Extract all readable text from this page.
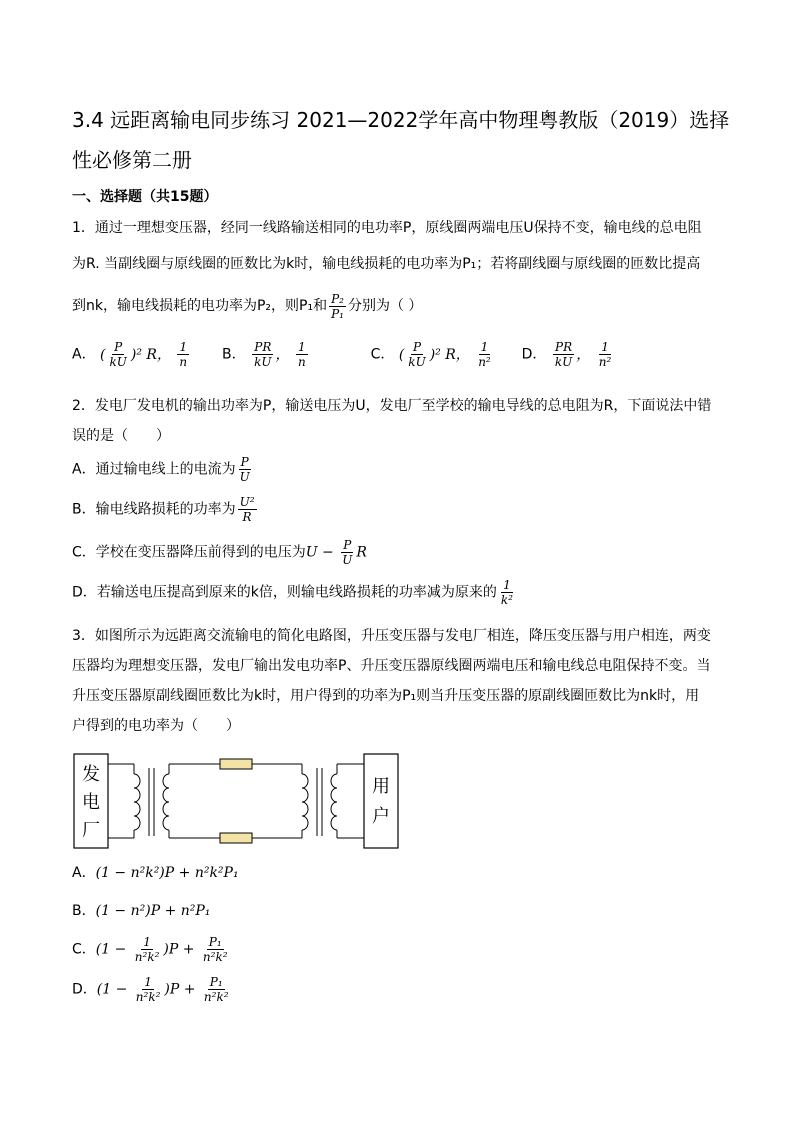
3.4 远距离输电同步练习 2021—2022学年高中物理粤教版（2019）选择性必修第二册
一、选择题（共15题）
1．通过一理想变压器，经同一线路输送相同的电功率P，原线圈两端电压U保持不变，输电线的总电阻
为R. 当副线圈与原线圈的匝数比为k时，输电线损耗的电功率为P₁；若将副线圈与原线圈的匝数比提高
到nk，输电线损耗的电功率为P₂，则P₁和 $\frac{\text{P₂}}{\text{P₁}}$ 分别为（ ）
A． ( $\frac{P}{kU} )^2$ R， $\frac{1}{n}$ B． $\frac{PR}{kU}$ ， $\frac{1}{n}$	C． ( $\frac{P}{kU} )^2$ R， $\frac{1}{\text{n²}}$ D． $\frac{PR}{kU}$ ， $\frac{1}{\text{n²}}$
2．发电厂发电机的输出功率为P，输送电压为U，发电厂至学校的输电导线的总电阻为R，下面说法中错
误的是（　　）
A．通过输电线上的电流为 $\frac{P}{U}$
B．输电线路损耗的功率为 $\frac{\text{U²}}{R}$
C．学校在变压器降压前得到的电压为$U - \frac{P}{U}$ R
D．若输送电压提高到原来的k倍，则输电线路损耗的功率减为原来的 $\frac{1}{\text{k²}}$
3．如图所示为远距离交流输电的简化电路图，升压变压器与发电厂相连，降压变压器与用户相连，两变
压器均为理想变压器，发电厂输出发电功率P、升压变压器原线圈两端电压和输电线总电阻保持不变。当
升压变压器原副线圈匝数比为k时，用户得到的功率为P₁则当升压变压器的原副线圈匝数比为nk时，用
户得到的电功率为（　　）
发
电
厂
用
户
A．(1 − n²k²)P + n²k²P₁
B．(1 − n²)P + n²P₁
C．$(1 - \frac{1}{\text{n²k²}} )P + \frac{\text{P₁}}{\text{n²k²}}$
D．$(1 - \frac{1}{\text{n²k²}} )P + \frac{\text{P₁}}{\text{n²k²}}$
